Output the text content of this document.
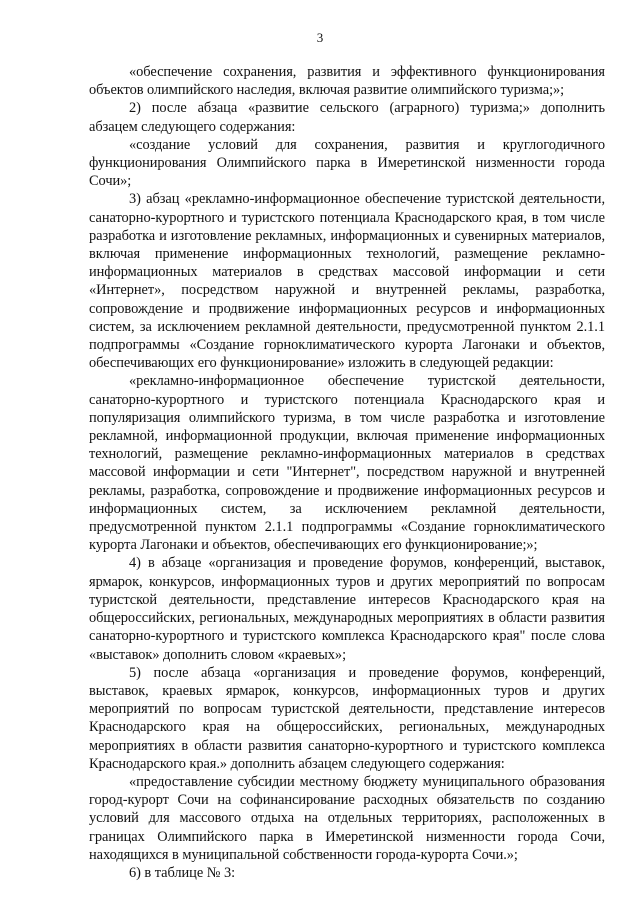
3

«обеспечение сохранения, развития и эффективного функционирования объектов олимпийского наследия, включая развитие олимпийского туризма;»;

2) после абзаца «развитие сельского (аграрного) туризма;» дополнить абзацем следующего содержания:

«создание условий для сохранения, развития и круглогодичного функционирования Олимпийского парка в Имеретинской низменности города Сочи»;

3) абзац «рекламно-информационное обеспечение туристской деятельности, санаторно-курортного и туристского потенциала Краснодарского края, в том числе разработка и изготовление рекламных, информационных и сувенирных материалов, включая применение информационных технологий, размещение рекламно-информационных материалов в средствах массовой информации и сети «Интернет», посредством наружной и внутренней рекламы, разработка, сопровождение и продвижение информационных ресурсов и информационных систем, за исключением рекламной деятельности, предусмотренной пунктом 2.1.1 подпрограммы «Создание горноклиматического курорта Лагонаки и объектов, обеспечивающих его функционирование» изложить в следующей редакции:

«рекламно-информационное обеспечение туристской деятельности, санаторно-курортного и туристского потенциала Краснодарского края и популяризация олимпийского туризма, в том числе разработка и изготовление рекламной, информационной продукции, включая применение информационных технологий, размещение рекламно-информационных материалов в средствах массовой информации и сети "Интернет", посредством наружной и внутренней рекламы, разработка, сопровождение и продвижение информационных ресурсов и информационных систем, за исключением рекламной деятельности, предусмотренной пунктом 2.1.1 подпрограммы «Создание горноклиматического курорта Лагонаки и объектов, обеспечивающих его функционирование;»;

4) в абзаце «организация и проведение форумов, конференций, выставок, ярмарок, конкурсов, информационных туров и других мероприятий по вопросам туристской деятельности, представление интересов Краснодарского края на общероссийских, региональных, международных мероприятиях в области развития санаторно-курортного и туристского комплекса Краснодарского края" после слова «выставок» дополнить словом «краевых»;

5) после абзаца «организация и проведение форумов, конференций, выставок, краевых ярмарок, конкурсов, информационных туров и других мероприятий по вопросам туристской деятельности, представление интересов Краснодарского края на общероссийских, региональных, международных мероприятиях в области развития санаторно-курортного и туристского комплекса Краснодарского края.» дополнить абзацем следующего содержания:

«предоставление субсидии местному бюджету муниципального образования город-курорт Сочи на софинансирование расходных обязательств по созданию условий для массового отдыха на отдельных территориях, расположенных в границах Олимпийского парка в Имеретинской низменности города Сочи, находящихся в муниципальной собственности города-курорта Сочи.»;

6) в таблице № 3:
